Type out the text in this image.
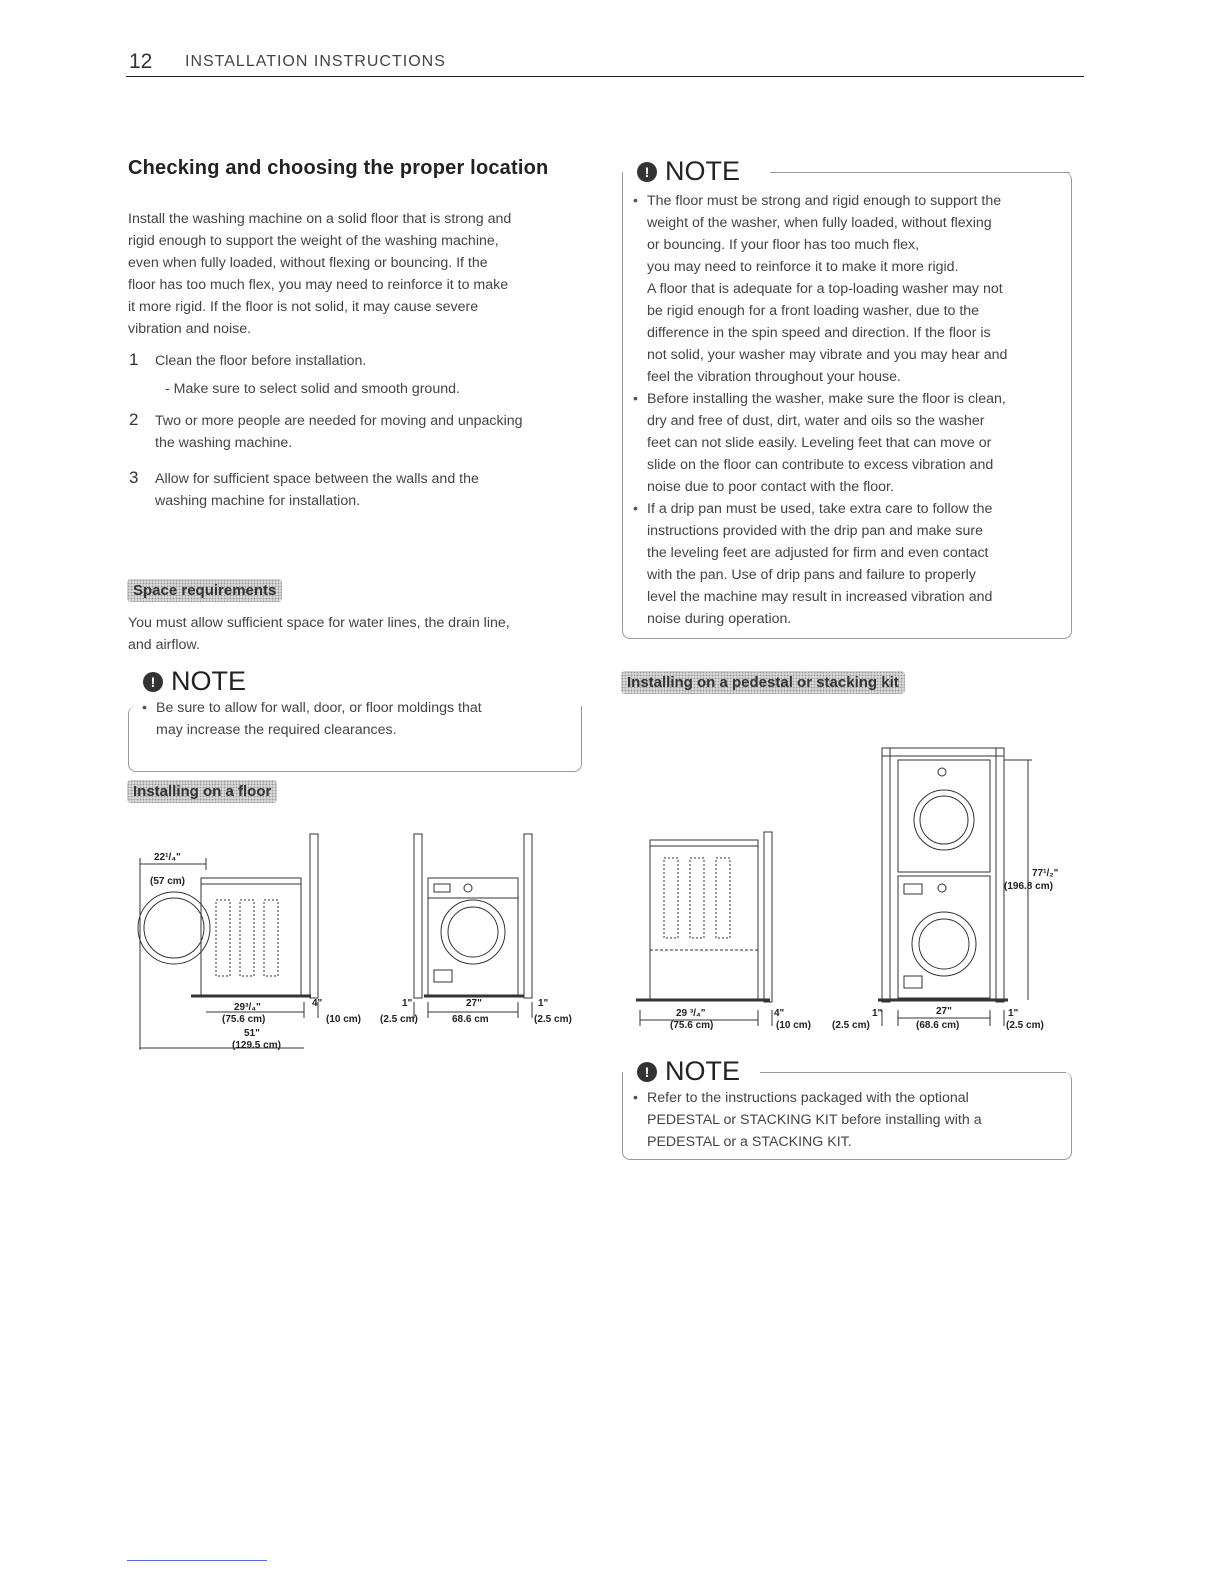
12 INSTALLATION INSTRUCTIONS
Checking and choosing the proper location
Install the washing machine on a solid floor that is strong and
rigid enough to support the weight of the washing machine,
even when fully loaded, without flexing or bouncing. If the
floor has too much flex, you may need to reinforce it to make
it more rigid. If the floor is not solid, it may cause severe
vibration and noise.
1 Clean the floor before installation.
- Make sure to select solid and smooth ground.
2 Two or more people are needed for moving and unpacking
the washing machine.
3 Allow for sufficient space between the walls and the
washing machine for installation.
Space requirements
You must allow sufficient space for water lines, the drain line,
and airflow.
! NOTE
• Be sure to allow for wall, door, or floor moldings that
may increase the required clearances.
Installing on a floor
22¹/₄"
(57 cm)
29³/₄"
(75.6 cm)
4"
(10 cm)
1"
(2.5 cm)
27"
68.6 cm
1"
(2.5 cm)
51"
(129.5 cm)
! NOTE
• The floor must be strong and rigid enough to support the
weight of the washer, when fully loaded, without flexing
or bouncing. If your floor has too much flex,
you may need to reinforce it to make it more rigid.
A floor that is adequate for a top-loading washer may not
be rigid enough for a front loading washer, due to the
difference in the spin speed and direction. If the floor is
not solid, your washer may vibrate and you may hear and
feel the vibration throughout your house.
• Before installing the washer, make sure the floor is clean,
dry and free of dust, dirt, water and oils so the washer
feet can not slide easily. Leveling feet that can move or
slide on the floor can contribute to excess vibration and
noise due to poor contact with the floor.
• If a drip pan must be used, take extra care to follow the
instructions provided with the drip pan and make sure
the leveling feet are adjusted for firm and even contact
with the pan. Use of drip pans and failure to properly
level the machine may result in increased vibration and
noise during operation.
Installing on a pedestal or stacking kit
77¹/₂"
(196.8 cm)
29 ³/₄"
(75.6 cm)
4"
(10 cm)
1"
(2.5 cm)
27"
(68.6 cm)
1"
(2.5 cm)
! NOTE
• Refer to the instructions packaged with the optional
PEDESTAL or STACKING KIT before installing with a
PEDESTAL or a STACKING KIT.
